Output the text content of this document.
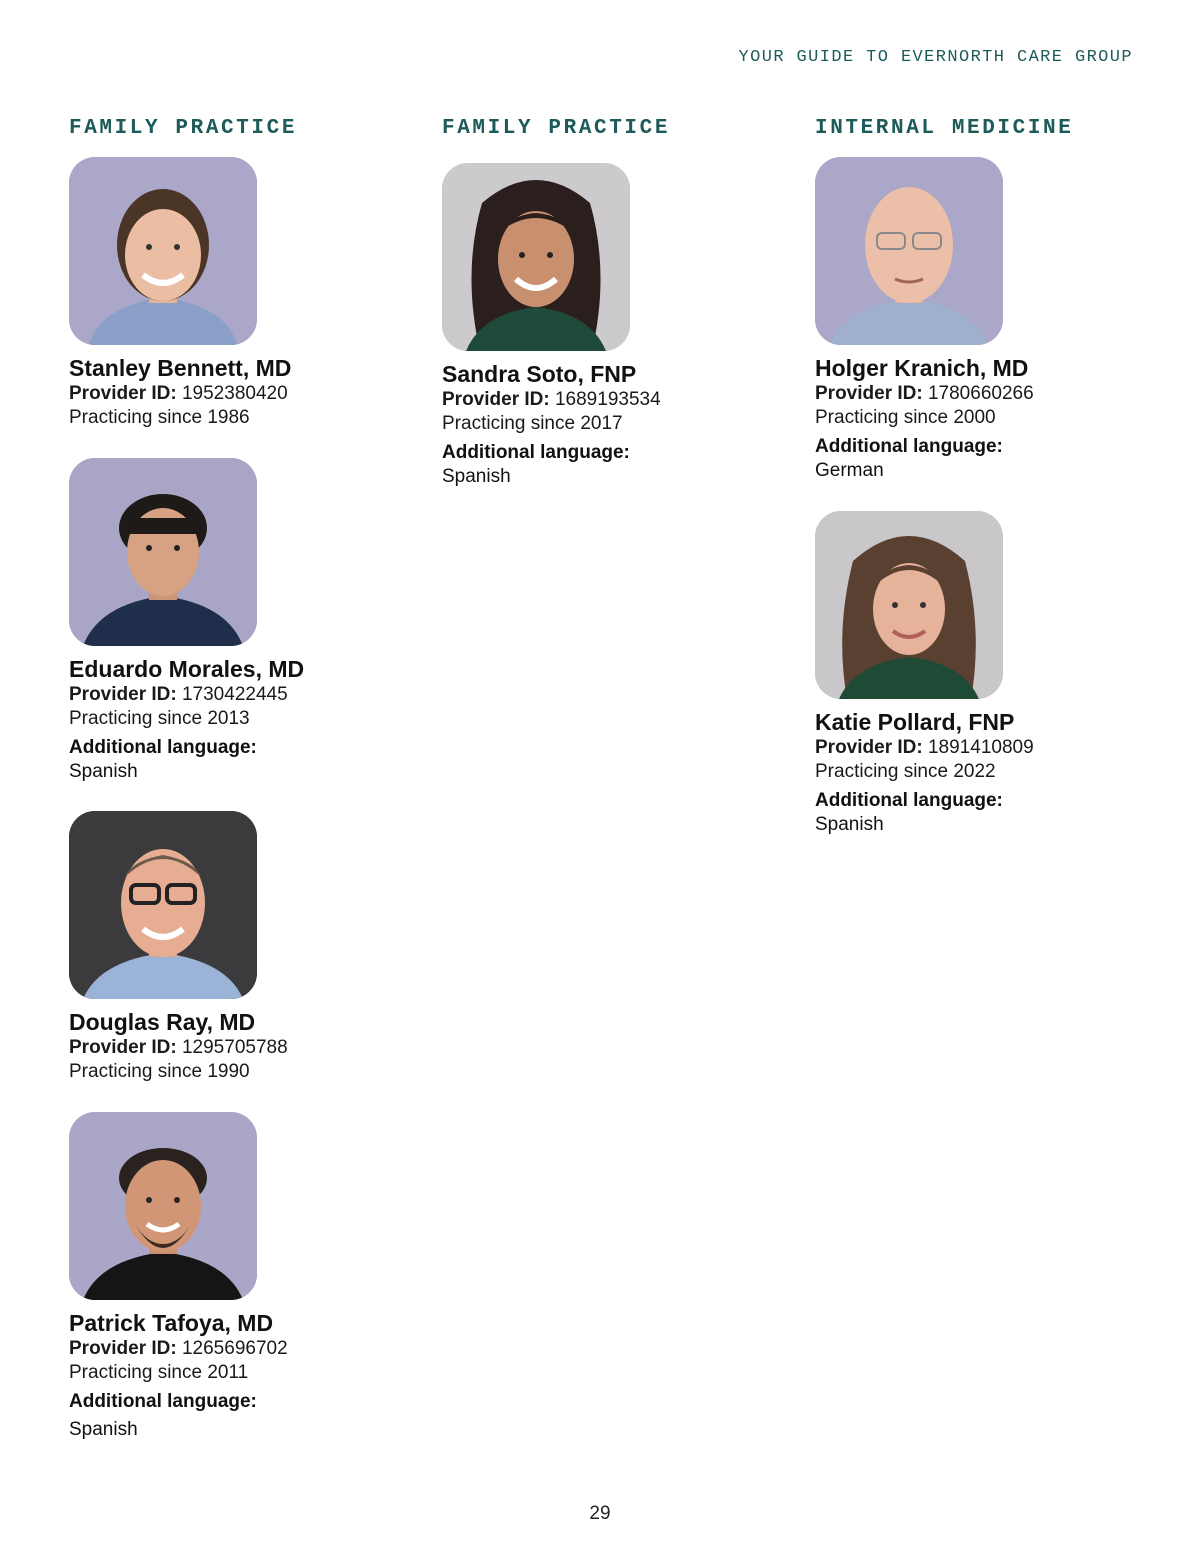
YOUR GUIDE TO EVERNORTH CARE GROUP
FAMILY PRACTICE
Stanley Bennett, MD
Provider ID: 1952380420
Practicing since 1986
Eduardo Morales, MD
Provider ID: 1730422445
Practicing since 2013
Additional language:
Spanish
Douglas Ray, MD
Provider ID: 1295705788
Practicing since 1990
Patrick Tafoya, MD
Provider ID: 1265696702
Practicing since 2011
Additional language:
Spanish
FAMILY PRACTICE
Sandra Soto, FNP
Provider ID: 1689193534
Practicing since 2017
Additional language:
Spanish
INTERNAL MEDICINE
Holger Kranich, MD
Provider ID: 1780660266
Practicing since 2000
Additional language:
German
Katie Pollard, FNP
Provider ID: 1891410809
Practicing since 2022
Additional language:
Spanish
29
